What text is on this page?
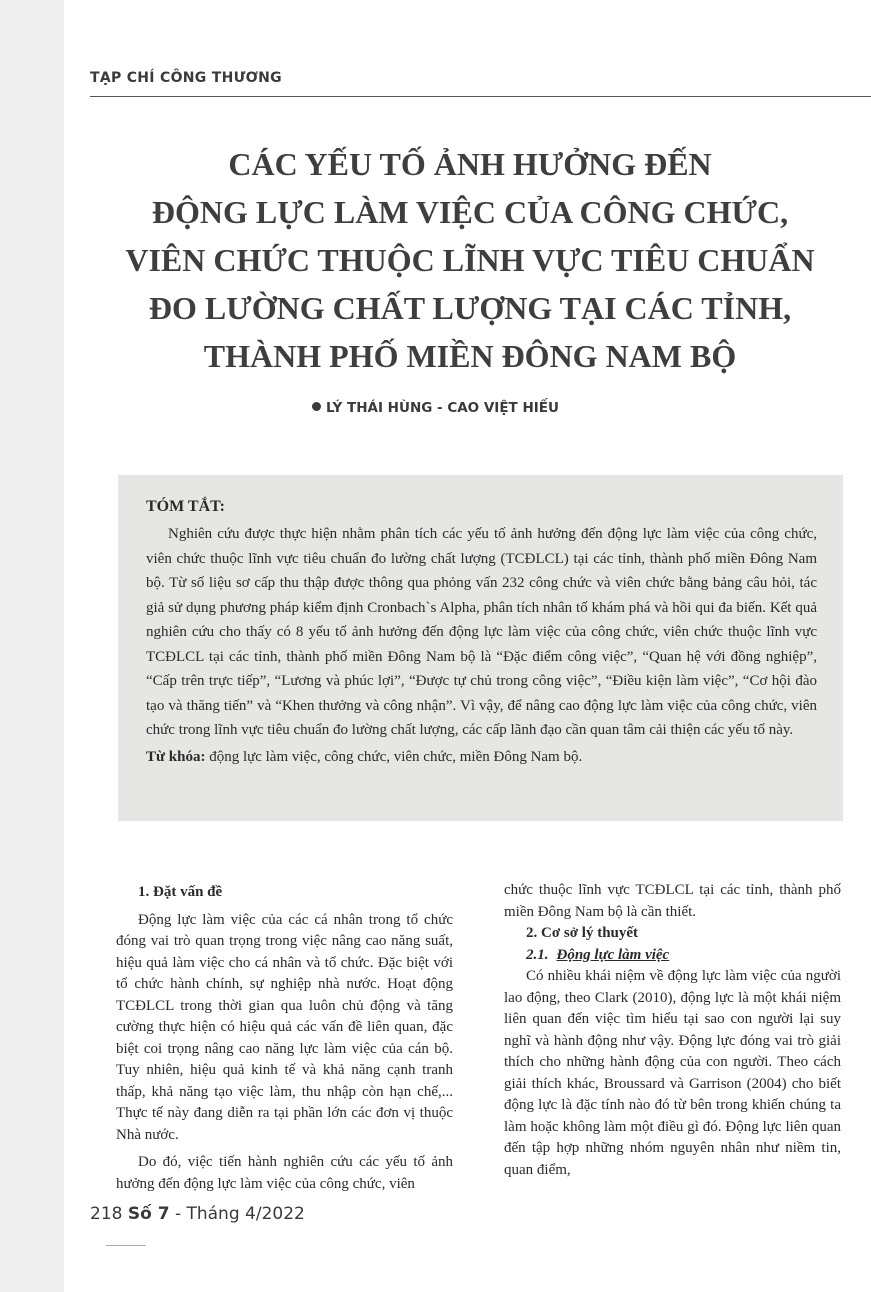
TẠP CHÍ CÔNG THƯƠNG
CÁC YẾU TỐ ẢNH HƯỞNG ĐẾN
ĐỘNG LỰC LÀM VIỆC CỦA CÔNG CHỨC,
VIÊN CHỨC THUỘC LĨNH VỰC TIÊU CHUẨN
ĐO LƯỜNG CHẤT LƯỢNG TẠI CÁC TỈNH,
THÀNH PHỐ MIỀN ĐÔNG NAM BỘ
LÝ THÁI HÙNG - CAO VIỆT HIẾU

TÓM TẮT:

Nghiên cứu được thực hiện nhằm phân tích các yếu tố ảnh hưởng đến động lực làm việc của công chức, viên chức thuộc lĩnh vực tiêu chuẩn đo lường chất lượng (TCĐLCL) tại các tỉnh, thành phố miền Đông Nam bộ. Từ số liệu sơ cấp thu thập được thông qua phỏng vấn 232 công chức và viên chức bằng bảng câu hỏi, tác giả sử dụng phương pháp kiểm định Cronbach`s Alpha, phân tích nhân tố khám phá và hồi qui đa biến. Kết quả nghiên cứu cho thấy có 8 yếu tố ảnh hưởng đến động lực làm việc của công chức, viên chức thuộc lĩnh vực TCĐLCL tại các tỉnh, thành phố miền Đông Nam bộ là “Đặc điểm công việc”, “Quan hệ với đồng nghiệp”, “Cấp trên trực tiếp”, “Lương và phúc lợi”, “Được tự chủ trong công việc”, “Điều kiện làm việc”, “Cơ hội đào tạo và thăng tiến” và “Khen thưởng và công nhận”. Vì vậy, để nâng cao động lực làm việc của công chức, viên chức trong lĩnh vực tiêu chuẩn đo lường chất lượng, các cấp lãnh đạo cần quan tâm cải thiện các yếu tố này.

Từ khóa: động lực làm việc, công chức, viên chức, miền Đông Nam bộ.

1. Đặt vấn đề

Động lực làm việc của các cá nhân trong tổ chức đóng vai trò quan trọng trong việc nâng cao năng suất, hiệu quả làm việc cho cá nhân và tổ chức. Đặc biệt với tổ chức hành chính, sự nghiệp nhà nước. Hoạt động TCĐLCL trong thời gian qua luôn chủ động và tăng cường thực hiện có hiệu quả các vấn đề liên quan, đặc biệt coi trọng nâng cao năng lực làm việc của cán bộ. Tuy nhiên, hiệu quả kinh tế và khả năng cạnh tranh thấp, khả năng tạo việc làm, thu nhập còn hạn chế,... Thực tế này đang diễn ra tại phần lớn các đơn vị thuộc Nhà nước.

Do đó, việc tiến hành nghiên cứu các yếu tố ảnh hưởng đến động lực làm việc của công chức, viên

chức thuộc lĩnh vực TCĐLCL tại các tỉnh, thành phố miền Đông Nam bộ là cần thiết.

2. Cơ sở lý thuyết

2.1. Động lực làm việc

Có nhiều khái niệm về động lực làm việc của người lao động, theo Clark (2010), động lực là một khái niệm liên quan đến việc tìm hiểu tại sao con người lại suy nghĩ và hành động như vậy. Động lực đóng vai trò giải thích cho những hành động của con người. Theo cách giải thích khác, Broussard và Garrison (2004) cho biết động lực là đặc tính nào đó từ bên trong khiến chúng ta làm hoặc không làm một điều gì đó. Động lực liên quan đến tập hợp những nhóm nguyên nhân như niềm tin, quan điểm,

218 Số 7 - Tháng 4/2022
